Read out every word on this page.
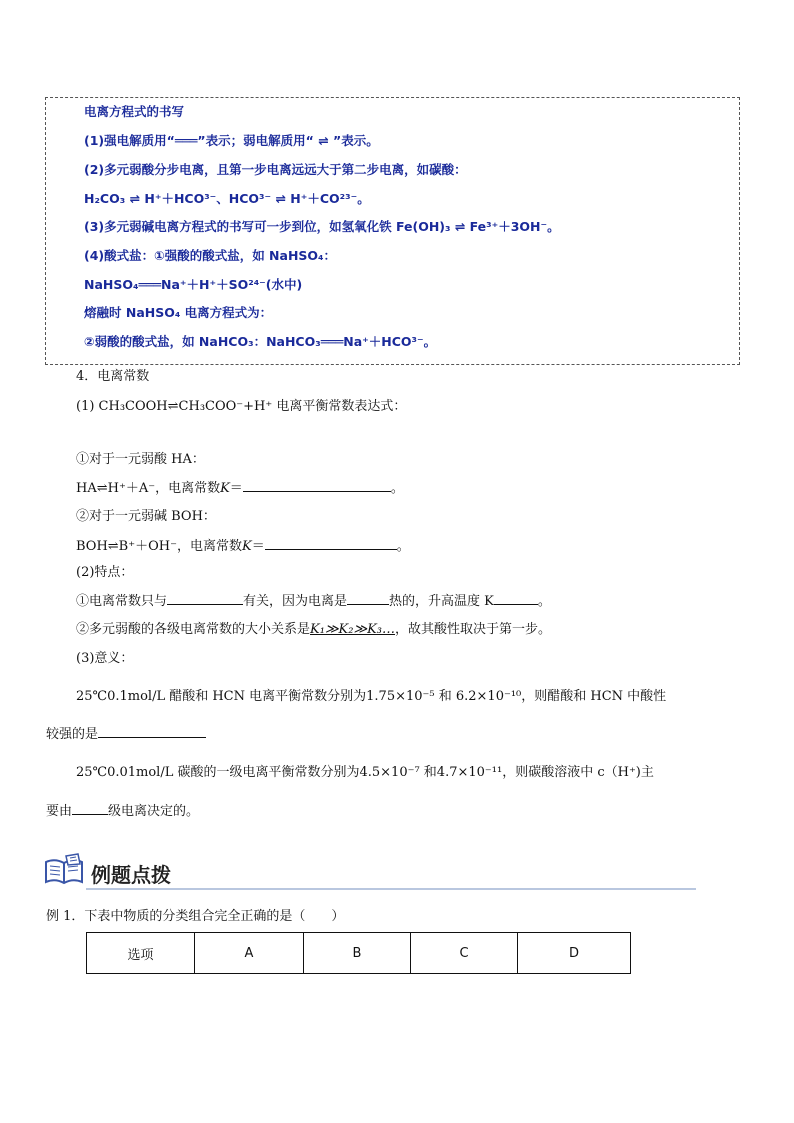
电离方程式的书写
(1)强电解质用“═══”表示；弱电解质用“ ⇌ ”表示。
(2)多元弱酸分步电离，且第一步电离远远大于第二步电离，如碳酸：
H₂CO₃ ⇌ H⁺＋HCO³⁻、HCO³⁻ ⇌ H⁺＋CO²³⁻。
(3)多元弱碱电离方程式的书写可一步到位，如氢氧化铁 Fe(OH)₃ ⇌ Fe³⁺＋3OH⁻。
(4)酸式盐：①强酸的酸式盐，如 NaHSO₄：
NaHSO₄═══Na⁺＋H⁺＋SO²⁴⁻(水中)
熔融时 NaHSO₄ 电离方程式为：
②弱酸的酸式盐，如 NaHCO₃：NaHCO₃═══Na⁺＋HCO³⁻。
4．电离常数
(1) CH₃COOH⇌CH₃COO⁻+H⁺ 电离平衡常数表达式：
①对于一元弱酸 HA：
HA⇌H⁺＋A⁻，电离常数K＝	。
②对于一元弱碱 BOH：
BOH⇌B⁺＋OH⁻，电离常数K＝	。
(2)特点：
①电离常数只与	有关，因为电离是	热的，升高温度 K	。
②多元弱酸的各级电离常数的大小关系是K₁≫K₂≫K₃…，故其酸性取决于第一步。
(3)意义：
25℃0.1mol/L 醋酸和 HCN 电离平衡常数分别为1.75×10⁻⁵ 和 6.2×10⁻¹⁰，则醋酸和 HCN 中酸性
较强的是
25℃0.01mol/L 碳酸的一级电离平衡常数分别为4.5×10⁻⁷ 和4.7×10⁻¹¹，则碳酸溶液中 c（H⁺)主
要由	级电离决定的。
例题点拨
例 1．下表中物质的分类组合完全正确的是（　　）
选项	A	B	C	D
